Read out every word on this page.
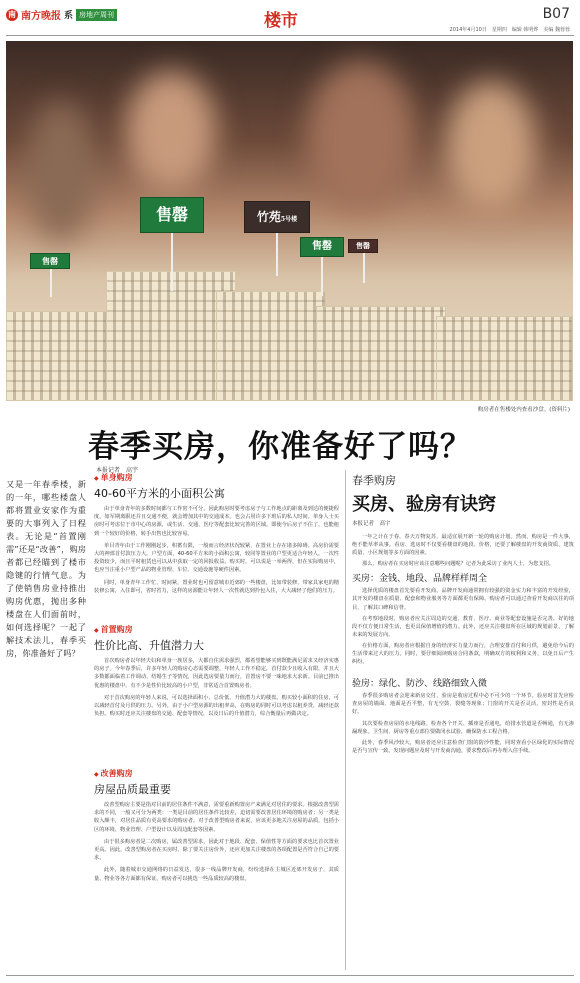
南 南方晚报 系 房地产周刊	楼市	B07
2014年4月10日　星期四　编辑 韩明烨　美编 魏蓉蓉
售罄	竹苑5号楼
售罄
售罄
售罄
购房者在售楼处内查看沙盘。(资料片)
春季买房，你准备好了吗？
本报记者　高宇
又是一年春季楼，新的一年，哪些楼盘人都将置业安家作为重要的大事列入了日程表。无论是“首置刚需”还是“改善”，购房者都已经瞄到了楼市隐键的行情气息。为了使销售房业持推出购房优惠，抛出多种楼盘在人们面前时，如何选择呢？一起了解技术法儿，春季买房，你准备好了吗？
◆ 单身购房
40-60平方米的小面积公寓

由于单身青年的多数时间都与工作密不可分，因此购房时要考虑房子与工作地点的距离及到达的便捷程度，如军期离职还并且交通不便，就会增加其中的交通成本。也会占用许多下班后的私人时间。单身人士买房时可考虑位于市中心的房源，或生活、交通、医疗等配套比较完善的区域。即使今后房子不住了，也能租到一个较好的价格，转手出售也比较容易。

单目青年由于工作刚刚起步，积蓄有限，一般而言经济状况较紧，在置业上存在诸多障碍。高房价需要大的神部首付款压力大。户型方面，40-60平方米的小面积公寓，较同等置业的户型更适合年轻人，一次性投资较少，而且平时租赁也可以从中获取一定的回报收益。购买时，可以说是一举两得，但在实际购房中，也应当注重小户型产品的物业管理、车位、交通设施等硬件因素。

同时，单身青年工作忙，时间紧，置业时也可留意城市近郊的一些楼盘，比如带装修、带家具家电的精装修公寓，入住即可，省时省力，这样的房源能让年轻人一次性就达到拎包入住，大大减轻了他们的压力。

◆ 首置购房
性价比高、升值潜力大

首次购房者以年轻夫妇和单身一族居多，大都自住需求强烈，都希望能够买到既能满足需求又经济实惠的房子。今年春季后，许多年轻人的购房心态需要调整，年轻人工作不稳定，首付款少且收入有限，并且大多数都面临着工作调动、结婚生子等情况，因此选房要量力而行，首置房不要一味地求大求新。目前已推出优惠的楼盘中，有不少是性价比较高的小户型，非常适合首置购房者。

对于首次购房的年轻人来说，可以选择面积小、总价低、升值潜力大的楼盘。购买较小面积的住房，可以减轻首付及月供的压力。另外，由于小户型房源的出租率高，在购房的同时可以考虑以租养贷，减轻还款负担。购买时还应关注楼盘的交通、配套等情况，以及日后的升值潜力，综合衡量后再做决定。

◆ 改善购房
房屋品质最重要

改善型购房主要是指对目前的居住条件不满意，需要重新购置房产来满足对居住的要求。根据改善型需求的不同，一般又可分为两类：一类是目前的居住条件比较差，迫切需要改善居住环境的购房者；另一类是收入颇丰，对居住品质有更高要求的购房者。对于改善型购房者来说，应该更多地关注房屋的品质，包括小区的环境、物业管理、户型设计以及周边配套等因素。

由于很多购房者是二次购房，属改善型需求，因此对于地段、配套、保值性等方面的要求也比首次置业更高。因此，改善型购房者在买房时，除了要关注房价外，还应更加关注楼盘的各项配置是否符合自己的要求。

此外，随着城市交通网络的日益发达，很多一线品牌开发商，纷纷选择在主城区近郊开发房子，其质量、物业等各方面都有保证，购房者可以挑选一些品质较高的楼盘。

春季购房
买房、验房有诀窍
本报记者　高宇

一年之计在于春，春天万物复苏，最适宜展开新一轮的购房计划。然而，购房是一件大事，绝不能草率从事。看房、选房时不仅要看楼盘的地段、价格，还要了解楼盘的开发商资质、建筑质量、小区规划等多方面的因素。

那么，购房者在买房时应该注意哪些问题呢？记者为此采访了业内人士，为您支招。

买房：金钱、地段、品牌样样周全

选择优质的楼盘首先要看开发商。品牌开发商通常拥有较强的资金实力和丰富的开发经验，其开发的楼盘在质量、配套和物业服务等方面都更有保障。购房者可以通过查看开发商以往的项目，了解其口碑和信誉。

在考察地段时，购房者应关注周边的交通、教育、医疗、商业等配套设施是否完善。好的地段不仅方便日常生活，也更具保值增值的潜力。此外，还应关注楼盘所在区域的规划前景，了解未来的发展方向。

在价格方面，购房者应根据自身的经济实力量力而行，合理安排首付和月供，避免给今后的生活带来过大的压力。同时，要仔细阅读购房合同条款，明确双方的权利和义务，以免日后产生纠纷。

验房：绿化、防沙、线路细致入微

春季很多购房者会迎来新房交付，验房是收房过程中必不可少的一个环节。验房时首先应检查房屋的墙面、地面是否平整，有无空鼓、裂缝等现象；门窗的开关是否灵活，密封性是否良好。

其次要检查房屋的水电线路。检查各个开关、插座是否通电，给排水管道是否畅通，有无渗漏现象。卫生间、厨房等重点部位要做闭水试验，确保防水工程合格。

此外，春季风沙较大，购房者还应注意检查门窗的防沙性能，同时查看小区绿化的实际情况是否与宣传一致。发现问题应及时与开发商沟通，要求整改后再办理入住手续。
